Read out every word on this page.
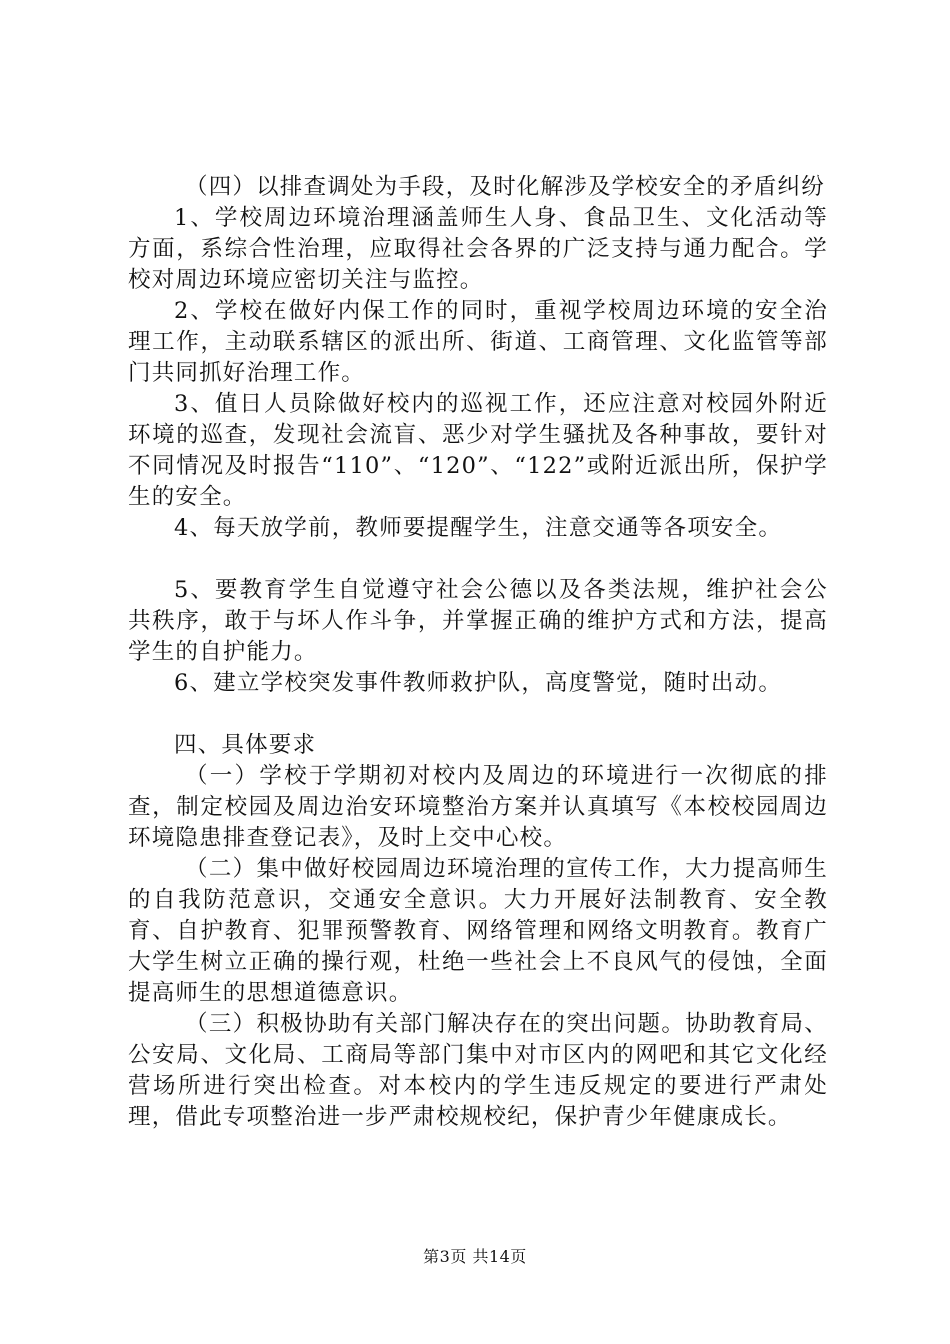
（四）以排查调处为手段，及时化解涉及学校安全的矛盾纠纷

1、学校周边环境治理涵盖师生人身、食品卫生、文化活动等方面，系综合性治理，应取得社会各界的广泛支持与通力配合。学校对周边环境应密切关注与监控。

2、学校在做好内保工作的同时，重视学校周边环境的安全治理工作，主动联系辖区的派出所、街道、工商管理、文化监管等部门共同抓好治理工作。

3、值日人员除做好校内的巡视工作，还应注意对校园外附近环境的巡查，发现社会流盲、恶少对学生骚扰及各种事故，要针对不同情况及时报告“110”、“120”、“122”或附近派出所，保护学生的安全。

4、每天放学前，教师要提醒学生，注意交通等各项安全。

5、要教育学生自觉遵守社会公德以及各类法规，维护社会公共秩序，敢于与坏人作斗争，并掌握正确的维护方式和方法，提高学生的自护能力。

6、建立学校突发事件教师救护队，高度警觉，随时出动。

四、具体要求

（一）学校于学期初对校内及周边的环境进行一次彻底的排查，制定校园及周边治安环境整治方案并认真填写《本校校园周边环境隐患排查登记表》，及时上交中心校。

（二）集中做好校园周边环境治理的宣传工作，大力提高师生的自我防范意识，交通安全意识。大力开展好法制教育、安全教育、自护教育、犯罪预警教育、网络管理和网络文明教育。教育广大学生树立正确的操行观，杜绝一些社会上不良风气的侵蚀，全面提高师生的思想道德意识。

（三）积极协助有关部门解决存在的突出问题。协助教育局、公安局、文化局、工商局等部门集中对市区内的网吧和其它文化经营场所进行突出检查。对本校内的学生违反规定的要进行严肃处理，借此专项整治进一步严肃校规校纪，保护青少年健康成长。

第3页 共14页
